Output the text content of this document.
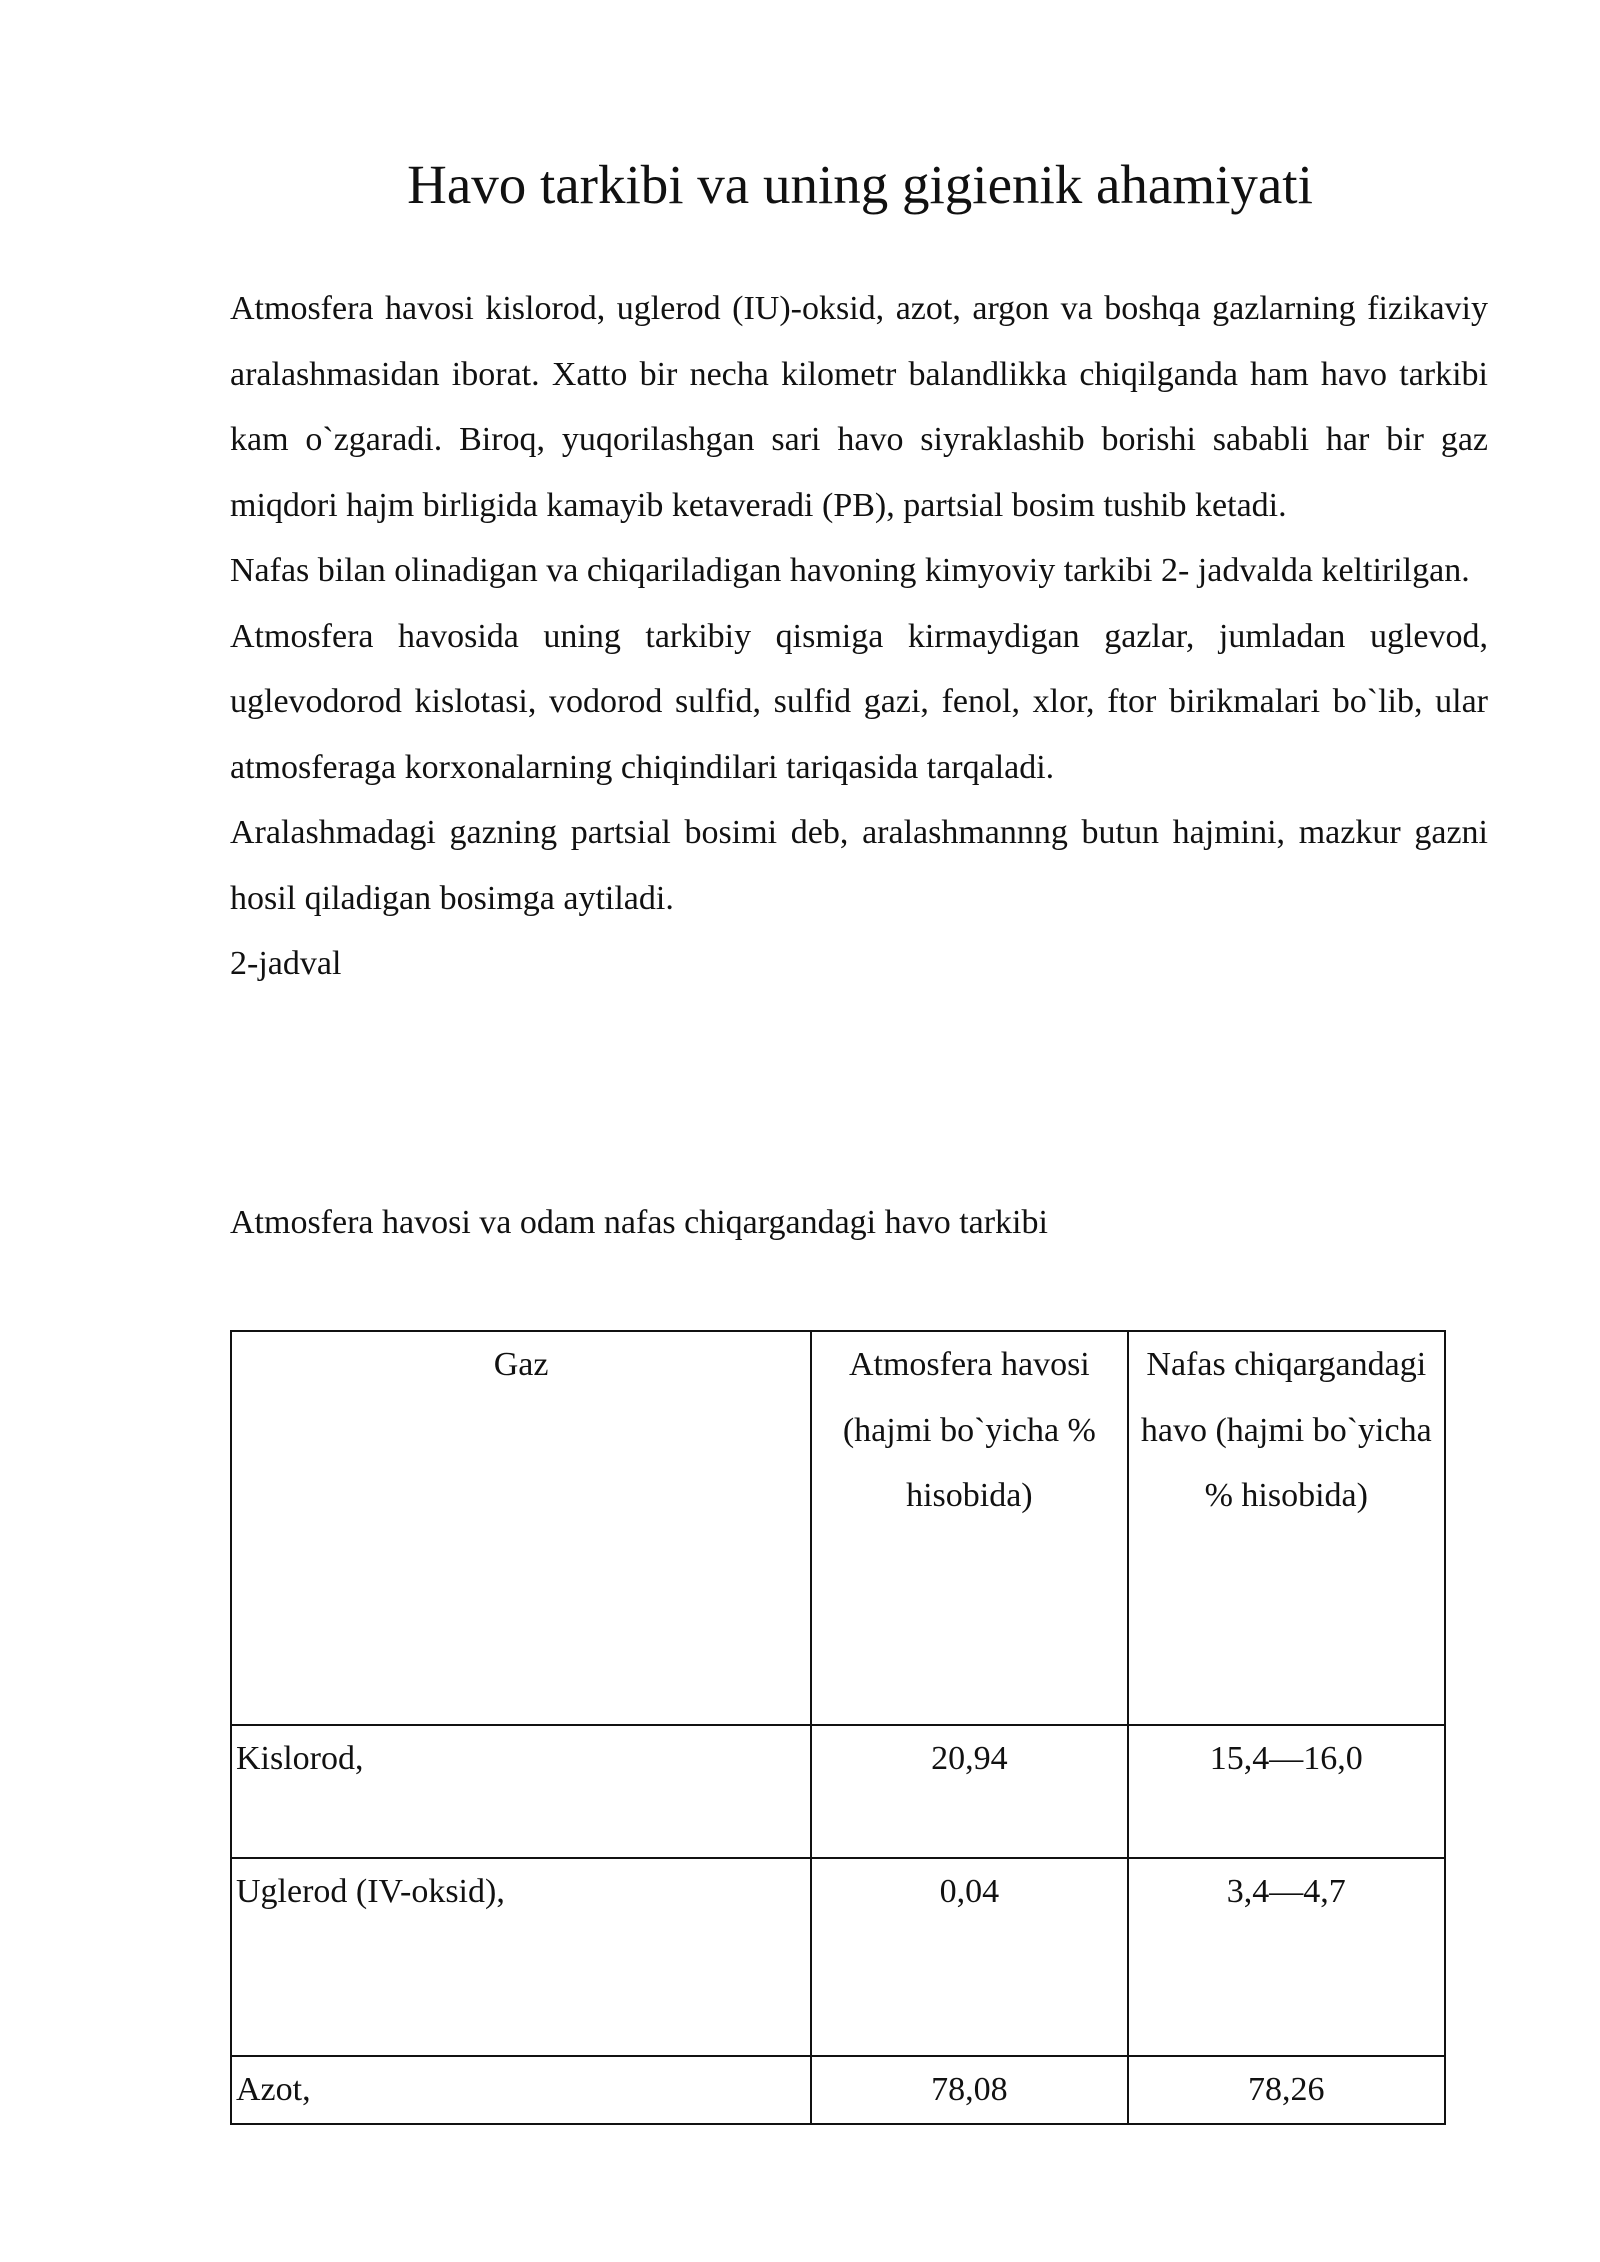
Havo tarkibi va uning gigienik ahamiyati

Atmosfera havosi kislorod, uglerod (IU)-oksid, azot, argon va boshqa gazlarning fizikaviy aralashmasidan iborat. Xatto bir necha kilometr balandlikka chiqilganda ham havo tarkibi kam o`zgaradi. Biroq, yuqorilashgan sari havo siyraklashib borishi sababli har bir gaz miqdori hajm birligida kamayib ketaveradi (PB), partsial bosim tushib ketadi.

Nafas bilan olinadigan va chiqariladigan havoning kimyoviy tarkibi 2- jadvalda keltirilgan.

Atmosfera havosida uning tarkibiy qismiga kirmaydigan gazlar, jumladan uglevod, uglevodorod kislotasi, vodorod sulfid, sulfid gazi, fenol, xlor, ftor birikmalari bo`lib, ular atmosferaga korxonalarning chiqindilari tariqasida tarqaladi.

Aralashmadagi gazning partsial bosimi deb, aralashmannng butun hajmini, mazkur gazni hosil qiladigan bosimga aytiladi.

2-jadval

Atmosfera havosi va odam nafas chiqargandagi havo tarkibi

Gaz	Atmosfera havosi (hajmi bo`yicha % hisobida)	Nafas chiqargandagi havo (hajmi bo`yicha % hisobida)
Kislorod,	20,94	15,4—16,0
Uglerod (IV-oksid),	0,04	3,4—4,7
Azot,	78,08	78,26
